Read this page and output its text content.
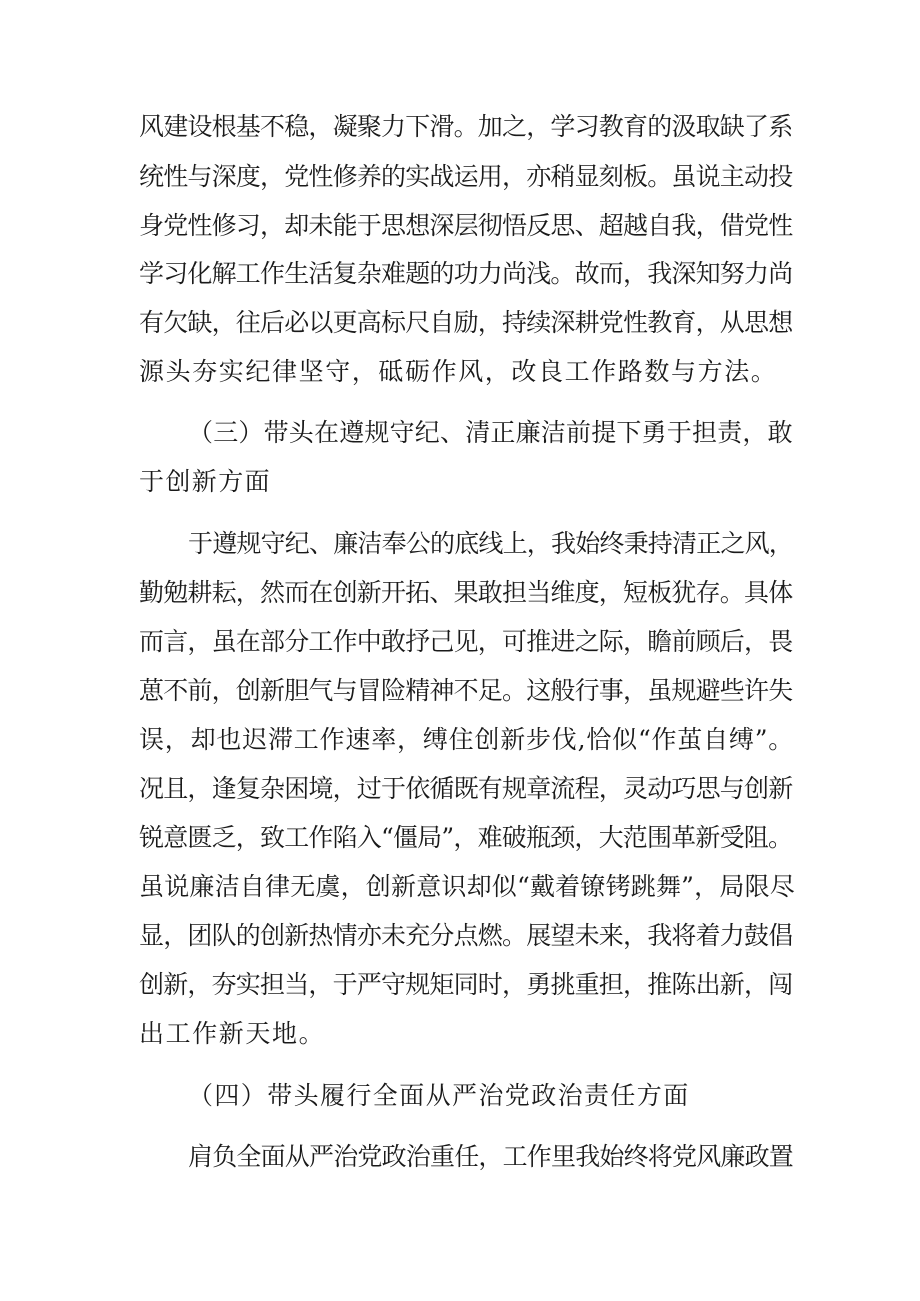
风建设根基不稳，凝聚力下滑。加之，学习教育的汲取缺了系
统性与深度，党性修养的实战运用，亦稍显刻板。虽说主动投
身党性修习，却未能于思想深层彻悟反思、超越自我，借党性
学习化解工作生活复杂难题的功力尚浅。故而，我深知努力尚
有欠缺，往后必以更高标尺自励，持续深耕党性教育，从思想
源头夯实纪律坚守，砥砺作风，改良工作路数与方法。
（三）带头在遵规守纪、清正廉洁前提下勇于担责，敢
于创新方面
于遵规守纪、廉洁奉公的底线上，我始终秉持清正之风，
勤勉耕耘，然而在创新开拓、果敢担当维度，短板犹存。具体
而言，虽在部分工作中敢抒己见，可推进之际，瞻前顾后，畏
葸不前，创新胆气与冒险精神不足。这般行事，虽规避些许失
误，却也迟滞工作速率，缚住创新步伐,恰似“作茧自缚”。
况且，逢复杂困境，过于依循既有规章流程，灵动巧思与创新
锐意匮乏，致工作陷入“僵局”，难破瓶颈，大范围革新受阻。
虽说廉洁自律无虞，创新意识却似“戴着镣铐跳舞”，局限尽
显，团队的创新热情亦未充分点燃。展望未来，我将着力鼓倡
创新，夯实担当，于严守规矩同时，勇挑重担，推陈出新，闯
出工作新天地。
（四）带头履行全面从严治党政治责任方面
肩负全面从严治党政治重任，工作里我始终将党风廉政置
